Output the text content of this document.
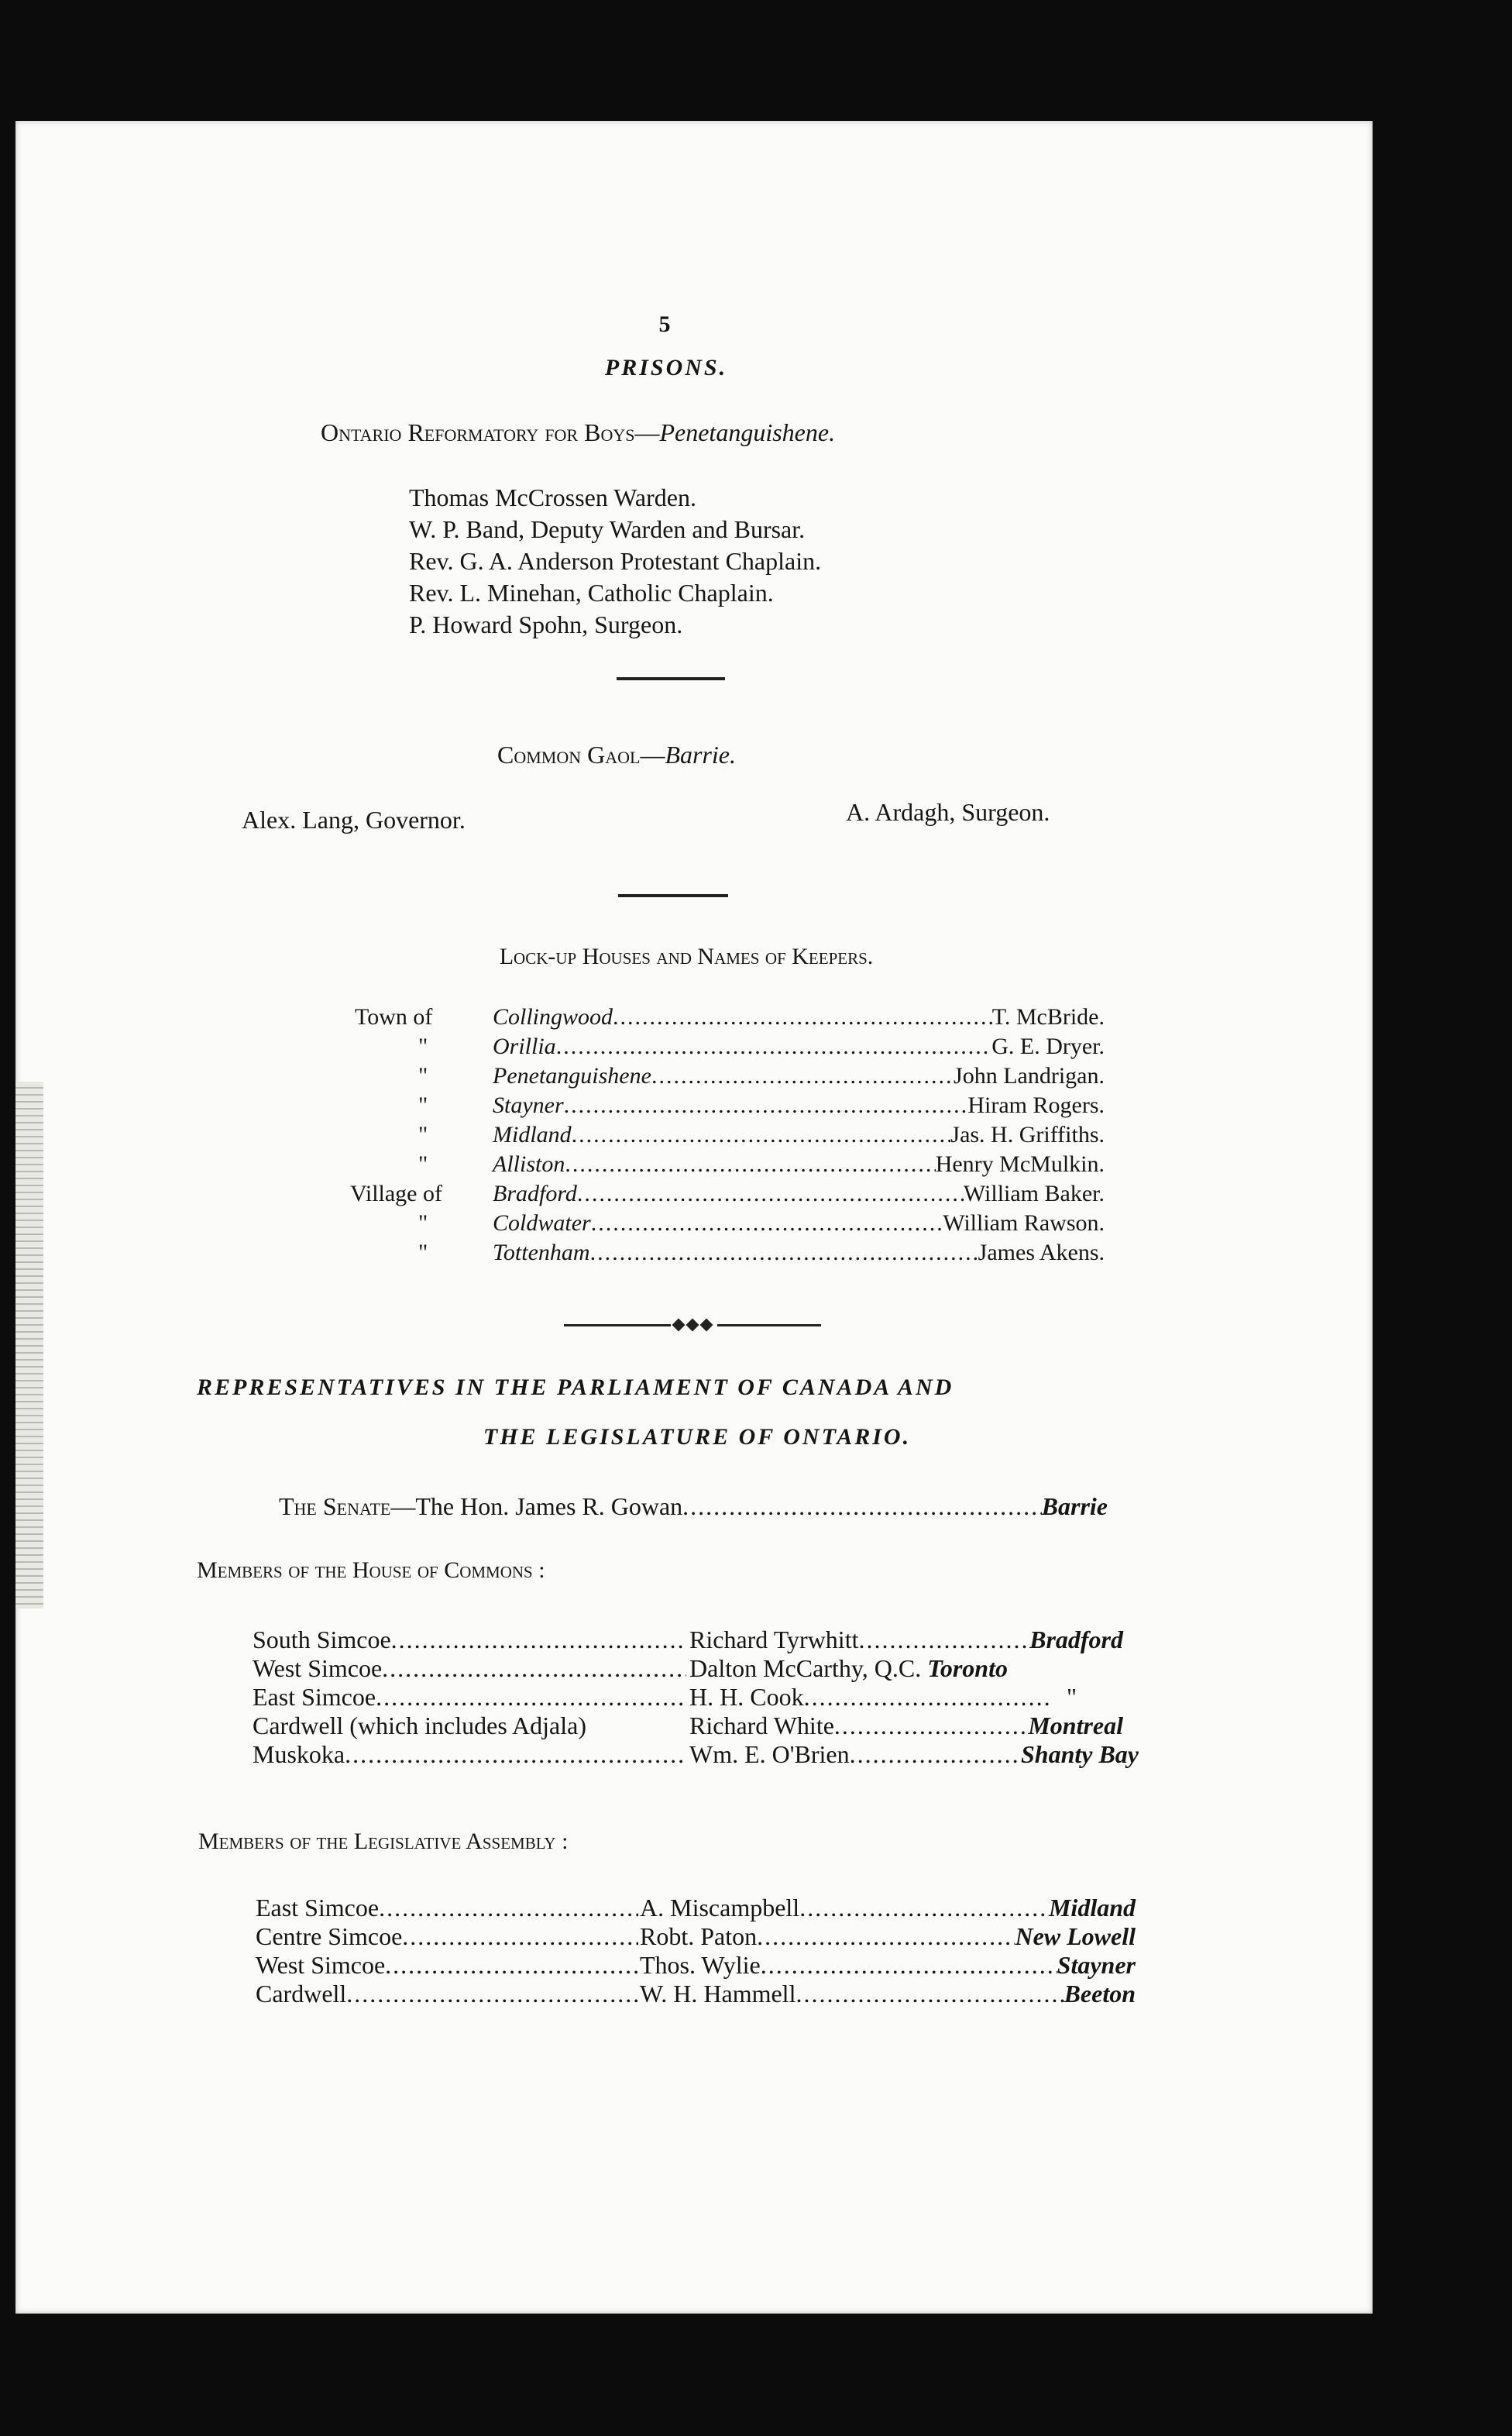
5
PRISONS.
Ontario Reformatory for Boys—Penetanguishene.
Thomas McCrossen Warden.
W. P. Band, Deputy Warden and Bursar.
Rev. G. A. Anderson Protestant Chaplain.
Rev. L. Minehan, Catholic Chaplain.
P. Howard Spohn, Surgeon.
Common Gaol—Barrie.
Alex. Lang, Governor.	A. Ardagh, Surgeon.
Lock-up Houses and Names of Keepers.
Town of	Collingwood .....	T. McBride.
"	Orillia .....	G. E. Dryer.
"	Penetanguishene .....	John Landrigan.
"	Stayner .....	Hiram Rogers.
"	Midland .....	Jas. H. Griffiths.
"	Alliston .....	Henry McMulkin.
Village of Bradford .....	William Baker.
"	Coldwater .....	William Rawson.
"	Tottenham .....	James Akens.
REPRESENTATIVES IN THE PARLIAMENT OF CANADA AND
THE LEGISLATURE OF ONTARIO.
The Senate — The Hon. James R. Gowan .....	Barrie
Members of the House of Commons :
South Simcoe .....	Richard Tyrwhitt .....	Bradford
West Simcoe .....	Dalton McCarthy, Q.C. Toronto
East Simcoe .....	H. H. Cook .....	"
Cardwell (which includes Adjala)	Richard White .....	Montreal
Muskoka .....	Wm. E. O'Brien .....	Shanty Bay
Members of the Legislative Assembly :
East Simcoe .....	A. Miscampbell .....	Midland
Centre Simcoe .....	Robt. Paton .....	New Lowell
West Simcoe .....	Thos. Wylie .....	Stayner
Cardwell .....	W. H. Hammell .....	Beeton
